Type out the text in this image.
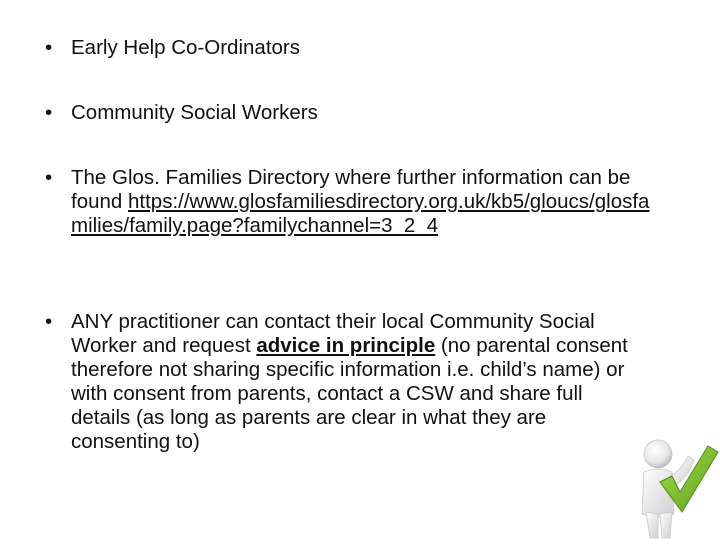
• Early Help Co-Ordinators
• Community Social Workers
• The Glos. Families Directory where further information can be found https://www.glosfamiliesdirectory.org.uk/kb5/gloucs/glosfamilies/family.page?familychannel=3_2_4
• ANY practitioner can contact their local Community Social Worker and request advice in principle (no parental consent therefore not sharing specific information i.e. child’s name) or with consent from parents, contact a CSW and share full details (as long as parents are clear in what they are consenting to)
